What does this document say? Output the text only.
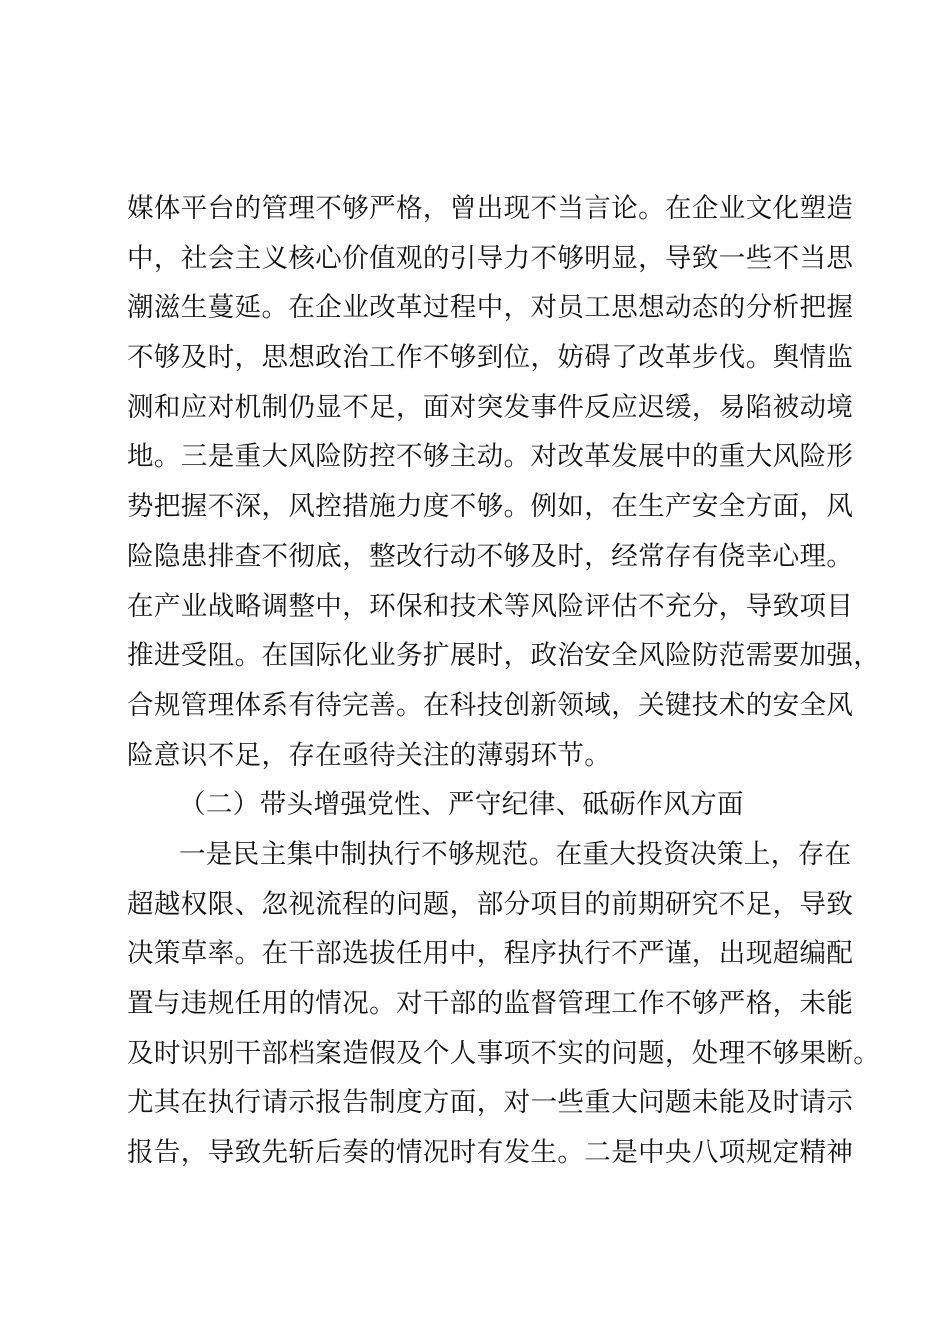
媒体平台的管理不够严格，曾出现不当言论。在企业文化塑造
中，社会主义核心价值观的引导力不够明显，导致一些不当思
潮滋生蔓延。在企业改革过程中，对员工思想动态的分析把握
不够及时，思想政治工作不够到位，妨碍了改革步伐。舆情监
测和应对机制仍显不足，面对突发事件反应迟缓，易陷被动境
地。三是重大风险防控不够主动。对改革发展中的重大风险形
势把握不深，风控措施力度不够。例如，在生产安全方面，风
险隐患排查不彻底，整改行动不够及时，经常存有侥幸心理。
在产业战略调整中，环保和技术等风险评估不充分，导致项目
推进受阻。在国际化业务扩展时，政治安全风险防范需要加强，
合规管理体系有待完善。在科技创新领域，关键技术的安全风
险意识不足，存在亟待关注的薄弱环节。
（二）带头增强党性、严守纪律、砥砺作风方面
一是民主集中制执行不够规范。在重大投资决策上，存在
超越权限、忽视流程的问题，部分项目的前期研究不足，导致
决策草率。在干部选拔任用中，程序执行不严谨，出现超编配
置与违规任用的情况。对干部的监督管理工作不够严格，未能
及时识别干部档案造假及个人事项不实的问题，处理不够果断。
尤其在执行请示报告制度方面，对一些重大问题未能及时请示
报告，导致先斩后奏的情况时有发生。二是中央八项规定精神
